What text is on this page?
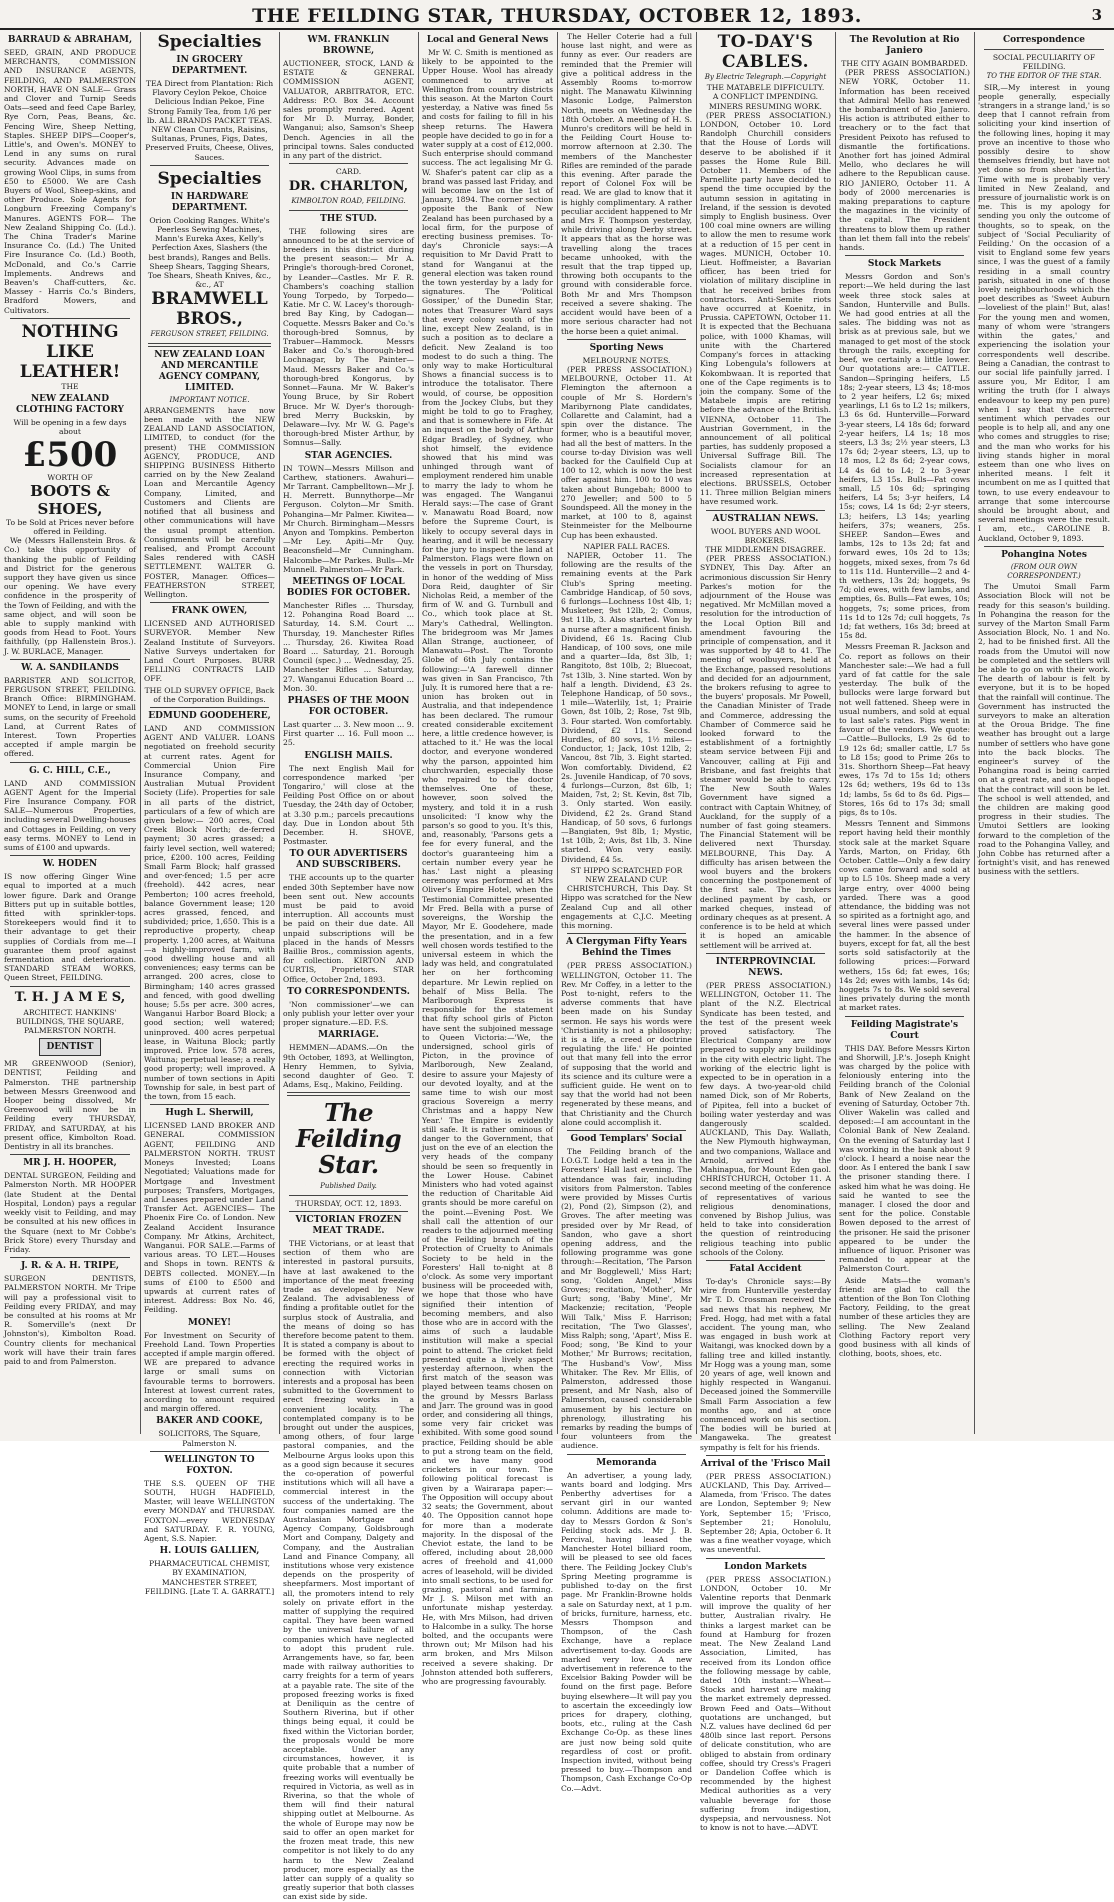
THE FEILDING STAR, THURSDAY, OCTOBER 12, 1893.	3
BARRAUD & ABRAHAM,

SEED, GRAIN, AND PRODUCE MERCHANTS, COMMISSION AND INSURANCE AGENTS, FEILDING, AND PALMERSTON NORTH, HAVE ON SALE— Grass and Clover and Turnip Seeds Oats—seed and feed Cape Barley, Rye Corn, Peas, Beans, &c. Fencing Wire, Sheep Netting, Staples. SHEEP DIPS—Cooper's, Little's, and Owen's. MONEY to Lend in any sums on rural security. Advances made on growing Wool Clips, in sums from £50 to £5000. We are Cash Buyers of Wool, Sheep-skins, and other Produce. Sole Agents for Longburn Freezing Company's Manures. AGENTS FOR— The New Zealand Shipping Co. (Ld.). The China Trader's Marine Insurance Co. (Ld.) The United Fire Insurance Co. (Ld.) Booth, McDonald, and Co.'s Carrie Implements. Andrews and Beaven's Chaff-cutters, &c. Massey - Harris Co.'s Binders, Bradford Mowers, and Cultivators.

NOTHING
LIKE
LEATHER!
THE
NEW ZEALAND CLOTHING FACTORY
Will be opening in a few days about
£500
WORTH OF
BOOTS & SHOES,
To be Sold at Prices never before offered in Feilding.

We (Messrs Hallenstein Bros. & Co.) take this opportunity of thanking the public of Feilding and District for the generous support they have given us since our opening. We have every confidence in the prosperity of the Town of Feilding, and with the same object, and will soon be able to supply mankind with goods from Head to Foot. Yours faithfully, (pp Hallenstein Bros.). J. W. BURLACE, Manager.

W. A. SANDILANDS

BARRISTER AND SOLICITOR, FERGUSON STREET, FEILDING. Branch Office: BIRMINGHAM. MONEY to Lend, in large or small sums, on the security of Freehold Land, at Current Rates of Interest. Town Properties accepted if ample margin be offered.

G. C. HILL, C.E.,

LAND AND COMMISSION AGENT Agent for the Imperial Fire Insurance Company. FOR SALE—Numerous Properties, including several Dwelling-houses and Cottages in Feilding, on very easy terms. MONEY to Lend in sums of £100 and upwards.

W. HODEN

IS now offering Ginger Wine equal to imported at a much lower figure. Dark and Orange Bitters put up in suitable bottles, fitted with sprinkler-tops. Storekeepers would find it to their advantage to get their supplies of Cordials from me—I guarantee them proof against fermentation and deterioration. STANDARD STEAM WORKS, Queen Street, FEILDING.

T. H. J A M E S,
ARCHITECT. HANKINS' BUILDINGS, THE SQUARE, PALMERSTON NORTH.
DENTIST

MR GREENWOOD (Senior), DENTIST, Feilding and Palmerston. THE partnership between Messrs Greenwood and Hooper being dissolved, Mr Greenwood will now be in Feilding every THURSDAY, FRIDAY, and SATURDAY, at his present office, Kimbolton Road. Dentistry in all its branches.

MR J. H. HOOPER,

DENTAL SURGEON, Feilding and Palmerston North. MR HOOPER (late Student at the Dental Hospital, London) pays a regular weekly visit to Feilding, and may be consulted at his new offices in the Square (next to Mr Cobbe's Brick Store) every Thursday and Friday.

J. R. & A. H. TRIPE,

SURGEON DENTISTS, PALMERSTON NORTH. Mr Tripe will pay a professional visit to Feilding every FRIDAY, and may be consulted at his rooms at Mr R. Somerville's (next Dr Johnston's), Kimbolton Road. Country clients for mechanical work will have their train fares paid to and from Palmerston.

Specialties
IN GROCERY DEPARTMENT.
TEA Direct from Plantation: Rich Flavory Ceylon Pekoe, Choice Delicious Indian Pekoe, Fine Strong Family Tea, from 1/6 per lb. ALL BRANDS PACKET TEAS. NEW Clean Currants, Raisins, Sultanas, Prunes, Figs, Dates, Preserved Fruits, Cheese, Olives, Sauces.
Specialties
IN HARDWARE DEPARTMENT.
Orion Cooking Ranges. White's Peerless Sewing Machines, Mann's Eureka Axes, Kelly's Perfection Axes, Slashers (the best brands), Ranges and Bells. Sheep Shears, Tagging Shears, Toe Shears, Sheath Knives, &c., &c., AT
BRAMWELL BROS.,
FERGUSON STREET, FEILDING.
NEW ZEALAND LOAN AND MERCANTILE AGENCY COMPANY, LIMITED.
IMPORTANT NOTICE.

ARRANGEMENTS have now been made with the NEW ZEALAND LAND ASSOCIATION, LIMITED, to conduct (for the present) THE COMMISSION AGENCY, PRODUCE, AND SHIPPING BUSINESS Hitherto carried on by the New Zealand Loan and Mercantile Agency Company, Limited, and Customers and Clients are notified that all business and other communications will have the usual prompt attention. Consignments will be carefully realised, and Prompt Account Sales rendered with CASH SETTLEMENT. WALTER G. FOSTER, Manager. Offices— FEATHERSTON STREET, Wellington.

FRANK OWEN,

LICENSED AND AUTHORISED SURVEYOR. Member New Zealand Institute of Surveyors. Native Surveys undertaken for Land Court Purposes. BURR FELLING CONTRACTS LAID OFF.

THE OLD SURVEY OFFICE, Back of the Corporation Buildings.
EDMUND GOODEHERE,

LAND AND COMMISSION AGENT AND VALUER. LOANS negotiated on freehold security at current rates. Agent for Commercial Union Fire Insurance Company, and Australian Mutual Provident Society (Life). Properties for sale in all parts of the district, particulars of a few of which are given below:— 200 acres, Coal Creek Block North; de-ferred payment; 30 acres grassed; a fairly level section, well watered; price, £200. 100 acres, Feilding Small Farm Block; half grassed and over-fenced; 1.5 per acre (freehold). 442 acres, near Pemberton; 100 acres freehold, balance Government lease; 120 acres grassed, fenced, and subdivided; price, 1,650. This is a reproductive property, cheap property. 1,200 acres, at Waituna—a highly-improved farm, with good dwelling house and all conveniences; easy terms can be arranged. 200 acres, close to Birmingham; 140 acres grassed and fenced, with good dwelling house; 5.5s per acre. 300 acres, Wanganui Harbor Board Block; a good section; well watered; uninproved. 400 acres perpetual lease, in Waituna Block; partly improved. Price low. 578 acres, Waituna; perpetual lease; a really good property; well improved. A number of town sections in Apiti Township for sale, in best part of the town, from 15 each.

Hugh L. Sherwill,

LICENSED LAND BROKER AND GENERAL COMMISSION AGENT, FEILDING AND PALMERSTON NORTH. TRUST Moneys Invested; Loans Negotiated; Valuations made for Mortgage and Investment purposes; Transfers, Mortgages, and Leases prepared under Land Transfer Act. AGENCIES— The Phoenix Fire Co. of London. New Zealand Accident Insurance Company. Mr Atkins, Architect, Wanganui. FOR SALE.—Farms of various areas. TO LET.—Houses and Shops in town. RENTS & DEBTS collected. MONEY.—In sums of £100 to £500 and upwards at current rates of interest. Address: Box No. 46, Feilding.

MONEY!

For Investment on Security of Freehold Land. Town Properties accepted if ample margin offered. WE are prepared to advance large or small sums on favourable terms to borrowers. Interest at lowest current rates, according to amount required and margin offered.

BAKER AND COOKE,
SOLICITORS, The Square, Palmerston N.
WELLINGTON TO FOXTON.

THE S.S. QUEEN OF THE SOUTH, HUGH HADFIELD, Master, will leave WELLINGTON every MONDAY and THURSDAY. FOXTON—every WEDNESDAY and SATURDAY. F. R. YOUNG, Agent, S.S. Napier.

H. LOUIS GALLIEN,
PHARMACEUTICAL CHEMIST, BY EXAMINATION, MANCHESTER STREET, FEILDING. [Late T. A. GARRATT.]
WM. FRANKLIN BROWNE,

AUCTIONEER, STOCK, LAND & ESTATE & GENERAL COMMISSION AGENT, VALUATOR, ARBITRATOR, ETC. Address: P.O. Box 34. Account sales promptly rendered. Agent for Mr D. Murray, Bonder, Wanganui; also, Samson's Sheep Dench. Agencies in all the principal towns. Sales conducted in any part of the district.

CARD.
DR. CHARLTON,
KIMBOLTON ROAD, FEILDING.
THE STUD.

THE following sires are announced to be at the service of breeders in this district during the present season:— Mr A. Pringle's thorough-bred Coronet, by Leander—Castles. Mr F. R. Chambers's coaching stallion Young Torpedo, by Torpedo—Katie. Mr C. W. Lacey's thorough-bred Bay King, by Cadogan—Coquette. Messrs Baker and Co.'s thorough-bred Somnus, by Trabuer—Hammock. Messrs Baker and Co.'s thorough-bred Lochnagar, by The Painter—Maud. Messrs Baker and Co.'s thorough-bred Kongorus, by Sonnet—Fauna. Mr W. Baker's Young Bruce, by Sir Robert Bruce. Mr W. Dyer's thorough-bred Merry Buckskin, by Delaware—Ivy. Mr W. G. Page's thorough-bred Mister Arthur, by Somnus—Sally.

STAR AGENCIES.

IN TOWN—Messrs Millson and Carthew, stationers. Awahuri—Mr Tarrant. Campbelltown—Mr J. H. Merrett. Bunnythorpe—Mr Ferguson. Colyton—Mr Smith. Pohangina—Mr Palmer. Kiwitea—Mr Church. Birmingham—Messrs Anyon and Tompkins. Pemberton—Mr Ley. Apiti—Mr Quy. Beaconsfield—Mr Cunningham. Halcombe—Mr Parkes. Bulls—Mr Munnell. Palmerston—Mr Park.

MEETINGS OF LOCAL BODIES FOR OCTOBER.

Manchester Rifles ... Thursday, 12. Pohangina Road Board ... Saturday, 14. S.M. Court ... Thursday, 19. Manchester Rifles ... Thursday, 26. Kiwitea Road Board ... Saturday, 21. Borough Council (spec.) ... Wednesday, 25. Manchester Rifles ... Saturday, 27. Wanganui Education Board ... Mon. 30.

PHASES OF THE MOON FOR OCTOBER.

Last quarter ... 3. New moon ... 9. First quarter ... 16. Full moon ... 25.

ENGLISH MAILS.

The next English Mail for correspondence marked 'per Tongariro,' will close at the Feilding Post Office on or about Tuesday, the 24th day of October, at 3.30 p.m.; parcels precautions day. Due in London about 5th December. H. SHOVE, Postmaster.

TO OUR ADVERTISERS AND SUBSCRIBERS.

THE accounts up to the quarter ended 30th September have now been sent out. New accounts must be paid to avoid interruption. All accounts must be paid on their due date. All unpaid subscriptions will be placed in the hands of Messrs Baillie Bros., commission agents, for collection. KIRTON AND CURTIS, Proprietors. STAR Office, October 2nd, 1893.

TO CORRESPONDENTS.

'Non commissioner'—we can only publish your letter over your proper signature.—ED. F.S.

MARRIAGE.

HEMMEN—ADAMS.—On the 9th October, 1893, at Wellington, Henry Hemmen, to Sylvia, second daughter of Geo. T. Adams, Esq., Makino, Feilding.

The Feilding Star.
Published Daily.
THURSDAY, OCT. 12, 1893.
VICTORIAN FROZEN MEAT TRADE.

THE Victorians, or at least that section of them who are interested in pastoral pursuits, have at last awakened to the importance of the meat freezing trade as developed by New Zealand. The advisableness of finding a profitable outlet for the surplus stock of Australia, and the means of doing so has therefore become patent to them. It is stated a company is about to be formed with the object of erecting the required works in connection with Victorian interests and a proposal has been submitted to the Government to erect freezing works in a convenient locality. The contemplated company is to be brought out under the auspices, among others, of four large pastoral companies, and the Melbourne Argus looks upon this as a good sign because it secures the co-operation of powerful institutions which will all have a commercial interest in the success of the undertaking. The four companies named are the Australasian Mortgage and Agency Company, Goldsbrough Mort and Company, Dalgety and Company, and the Australian Land and Finance Company, all institutions whose very existence depends on the prosperity of sheepfarmers. Most important of all, the promoters intend to rely solely on private effort in the matter of supplying the required capital. They have been warned by the universal failure of all companies which have neglected to adopt this prudent rule. Arrangements have, so far, been made with railway authorities to carry freights for a term of years at a payable rate. The site of the proposed freezing works is fixed at Deniliquin as the centre of Southern Riverina, but if other things being equal, it could be fixed within the Victorian border, the proposals would be more acceptable. Under any circumstances, however, it is quite probable that a number of freezing works will eventually be required in Victoria, as well as in Riverina, so that the whole of them will find their natural shipping outlet at Melbourne. As the whole of Europe may now be said to offer an open market for the frozen meat trade, this new competitor is not likely to do any harm to the New Zealand producer, more especially as the latter can supply of a quality so greatly superior that both classes can exist side by side.

Local and General News

Mr W. C. Smith is mentioned as likely to be appointed to the Upper House. Wool has already commenced to arrive at Wellington from country districts this season. At the Marton Court yesterday, a Native was fined 5s and costs for failing to fill in his sheep returns. The Hawera people have decided to go in for a water supply at a cost of £12,000. Such enterprise should command success. The act legalising Mr G. W. Shafer's patent car clip as a brand was passed last Friday, and will become law on the 1st of January, 1894. The corner section opposite the Bank of New Zealand has been purchased by a local firm, for the purpose of erecting business premises. To-day's Chronicle says:—A requisition to Mr David Pratt to stand for Wanganui at the general election was taken round the town yesterday by a lady for signatures. The 'Political Gossiper,' of the Dunedin Star, notes that Treasurer Ward says that every colony south of the line, except New Zealand, is in such a position as to declare a deficit. New Zealand is too modest to do such a thing. The only way to make Horticultural Shows a financial success is to introduce the totalisator. There would, of course, be opposition from the Jockey Clubs, but they might be told to go to Fraghey, and that is somewhere in Fife. At an inquest on the body of Arthur Edgar Bradley, of Sydney, who shot himself, the evidence showed that his mind was unhinged through want of employment rendered him unable to marry the lady to whom he was engaged. The Wanganui Herald says:—The case of Grant v. Manawatu Road Board, now before the Supreme Court, is likely to occupy several days in hearing, and it will be necessary for the jury to inspect the land at Palmerston. Flags were flown on the vessels in port on Thursday, in honor of the wedding of Miss Dora Reid, daughter of Sir Nicholas Reid, a member of the firm of W. and G. Turnbull and Co., which took place at St. Mary's Cathedral, Wellington. The bridegroom was Mr James Allan Strange, auctioneer, of Manawatu—Post. The Toronto Globe of 6th July contains the following:—'A farewell dinner was given in San Francisco, 7th July. It is rumored here that a re-union has broken out in Australia, and that independence has been declared. The rumour created considerable excitement here, a little credence however, is attached to it.' He was the local doctor, and everyone wondered why the parson, appointed him churchwarden, especially those who repaired to the doctor themselves. One of these, however, soon solved the mystery, and told it in a rush unsolicited: 'I know why the parson's so good to you. It's this, and, reasonably, 'Parsons gets a fee for every funeral, and the doctor's guaranteeing him a certain number every year he has.' Last night a pleasing ceremony was performed at Mrs Oliver's Empire Hotel, when the Testimonial Committee presented Mr Fred. Bella with a purse of sovereigns, the Worship the Mayor, Mr E. Goodehere, made the presentation, and in a few well chosen words testified to the universal esteem in which the lady was held, and congratulated her on her forthcoming departure. Mr Lewin replied on behalf of Miss Bella. The Marlborough Express is responsible for the statement that fifty school girls of Picton have sent the subjoined message to Queen Victoria:—'We, the undersigned, school girls of Picton, in the province of Marlborough, New Zealand, desire to assure your Majesty of our devoted loyalty, and at the same time to wish our most gracious Sovereign a merry Christmas and a happy New Year.' The Empire is evidently still safe. It is rather ominous of danger to the Government, that just on the eve of an election the very heads of the company should be seen so frequently in the Lower House. Cabinet Ministers who had voted against the reduction of Charitable Aid grants should be more careful on the point.—Evening Post. We shall call the attention of our readers to the adjourned meeting of the Feilding branch of the Protection of Cruelty to Animals Society to be held in the Foresters' Hall to-night at 8 o'clock. As some very important business will be proceeded with, we hope that those who have signified their intention of becoming members, and also those who are in accord with the aims of such a laudable institution will make a special point to attend. The cricket field presented quite a lively aspect yesterday afternoon, when the first match of the season was played between teams chosen on the ground by Messrs Barlass and Jarr. The ground was in good order, and considering all things, some very fair cricket was exhibited. With some good sound practice, Feilding should be able to put a strong team on the field, and we have many good cricketers in our town. The following political forecast is given by a Wairarapa paper:—The Opposition will occupy about 32 seats; the Government, about 40. The Opposition cannot hope for more than a moderate majority. In the disposal of the Cheviot estate, the land to be offered, including about 28,000 acres of freehold and 41,000 acres of leasehold, will be divided into small sections, to be used for grazing, pastoral and farming. Mr J. S. Milson met with an unfortunate mishap yesterday. He, with Mrs Milson, had driven to Halcombe in a sulky. The horse bolted, and the occupants were thrown out; Mr Milson had his arm broken, and Mrs Milson received a severe shaking. Dr Johnston attended both sufferers, who are progressing favourably.

The Heller Coterie had a full house last night, and were as funny as ever. Our readers are reminded that the Premier will give a political address in the Assembly Rooms to-morrow night. The Manawatu Kilwinning Masonic Lodge, Palmerston North, meets on Wednesday the 18th October. A meeting of H. S. Munro's creditors will be held in the Feilding Court House to-morrow afternoon at 2.30. The members of the Manchester Rifles are reminded of the parade this evening. After parade the report of Colonel Fox will be read. We are glad to know that it is highly complimentary. A rather peculiar accident happened to Mr and Mrs F. Thompson yesterday, while driving along Derby street. It appears that as the horse was travelling along the traces became unhooked, with the result that the trap tipped up, throwing both occupants to the ground with considerable force. Both Mr and Mrs Thompson received a severe shaking. The accident would have been of a more serious character had not the horse been a quiet animal.

Sporting News
MELBOURNE NOTES.

(PER PRESS ASSOCIATION.) MELBOURNE, October 11. At Flemington the afternoon a couple of Mr S. Hordern's Maribyrnong Plate candidates, Collarette and Calamint, had a spin over the distance. The former, who is a beautiful mover, had all the best of matters. In the course to-day Division was well backed for the Caulfield Cup at 100 to 12, which is now the best offer against him. 100 to 10 was taken about Bungebah; 8000 to 270 Jeweller; and 500 to 5 Soundspeed. All the money in the market, at 100 to 8, against Steinmeister for the Melbourne Cup has been exhausted.

NAPIER FALL RACES.

NAPIER, October 11. The following are the results of the remaining events at the Park Club's Spring meeting. Cambridge Handicap, of 50 sovs, 6 furlongs—Lochness 10st 4lb, 1; Musketeer, 9st 12lb, 2; Comus, 9st 11lb, 3. Also started. Won by a nurse after a magnificent finish. Dividend, £6 1s. Racing Club Handicap, of 100 sovs, one mile and a quarter—Ida, 8st 3lb, 1; Rangitoto, 8st 10lb, 2; Bluecoat, 7st 13lb, 3. Nine started. Won by half a length. Dividend, £3 2s. Telephone Handicap, of 50 sovs., 1 mile—Waterlily, 1st, 1; Prairie Gown, 8st 10lb, 2; Rose, 7st 9lb, 3. Four started. Won comfortably. Dividend, £2 11s. Second Hurdles, of 80 sovs, 1½ miles—Conductor, 1; Jack, 10st 12lb, 2; Vancou, 8st 7lb, 3. Eight started. Won comfortably. Dividend, £2 2s. Juvenile Handicap, of 70 sovs, 4 furlongs—Curzon, 8st 6lb, 1; Maiden, 7st, 2; St. Kevin, 8st 7lb, 3. Only started. Won easily. Dividend, £2 2s. Grand Stand Handicap, of 50 sovs, 6 furlongs—Bangiaten, 9st 8lb, 1; Mystic, 1st 10lb, 2; Avis, 8st 1lb, 3. Nine started. Won very easily. Dividend, £4 5s.

ST HIPPO SCRATCHED FOR NEW ZEALAND CUP.

CHRISTCHURCH, This Day. St Hippo was scratched for the New Zealand Cup and all other engagements at C.J.C. Meeting this morning.

A Clergyman Fifty Years Behind the Times

(PER PRESS ASSOCIATION.) WELLINGTON, October 11. The Rev. Mr Coffey, in a letter to the Post to-night, refers to the adverse comments that have been made on his Sunday sermon. He says his words were 'Christianity is not a philosophy; it is a life, a creed or doctrine regulating the life.' He pointed out that many fell into the error of supposing that the world and its science and its culture were a sufficient guide. He went on to say that the world had not been regenerated by these means, and that Christianity and the Church alone could accomplish it.

Good Templars' Social

The Feilding branch of the I.O.G.T. Lodge held a tea in the Foresters' Hall last evening. The attendance was fair, including visitors from Palmerston. Tables were provided by Misses Curtis (2), Pond (2), Simpson (2), and Groves. The after meeting was presided over by Mr Read, of Sandon, who gave a short opening address, and the following programme was gone through:—Recitation, 'The Parson and Mr Bogglewell,' Miss Hart; song, 'Golden Angel,' Miss Groves; recitation, 'Mother', Mr Gurt; song, 'Baby Mine', Mr Mackenzie; recitation, 'People Will Talk,' Miss F. Harrison; recitation, 'The Two Glasses', Miss Ralph; song, 'Apart', Miss E. Food; song, 'Be Kind to your Mother,' Mr Burrows; recitation, 'The Husband's Vow', Miss Whitaker. The Rev. Mr Ellis, of Palmerston, addressed those present, and Mr Nash, also of Palmerston, caused considerable amusement by his lecture on phrenology, illustrating his remarks by reading the bumps of four volunteers from the audience.

Memoranda

An advertiser, a young lady, wants board and lodging. Mrs Penberthy advertises for a servant girl in our wanted column. Additions are made to-day to Messrs Gordon & Son's Feilding stock ads. Mr J. B. Percival, having leased the Manchester Hotel billiard room, will be pleased to see old faces there. The Feilding Jockey Club's Spring Meeting programme is published to-day on the first page. Mr Franklin-Browne holds a sale on Saturday next, at 1 p.m. of bricks, furniture, harness, etc. Messrs Thompson and Thompson, of the Cash Exchange, have a replace advertisement to-day. Goods are marked very low. A new advertisement in reference to the Excelsior Baking Powder will be found on the first page. Before buying elsewhere—It will pay you to ascertain the exceedingly low prices for drapery, clothing, boots, etc., ruling at the Cash Exchange Co-Op. as these lines are just now being sold quite regardless of cost or profit. Inspection invited, without being pressed to buy.—Thompson and Thompson, Cash Exchange Co-Op Co.—Advt.

TO-DAY'S CABLES.
By Electric Telegraph.—Copyright
THE MATABELE DIFFICULTY.
A CONFLICT IMPENDING.
MINERS RESUMING WORK.

(PER PRESS ASSOCIATION.) LONDON, October 10. Lord Randolph Churchill considers that the House of Lords will deserve to be abolished if it passes the Home Rule Bill. October 11. Members of the Parnellite party have decided to spend the time occupied by the autumn session in agitating in Ireland, if the session is devoted simply to English business. Over 100 coal mine owners are willing to allow the men to resume work at a reduction of 15 per cent in wages. MUNICH, October 10. Lieut. Hoffmeister, a Bavarian officer, has been tried for violation of military discipline in that he received bribes from contractors. Anti-Semite riots have occurred at Koenitz, in Prussia. CAPETOWN, October 11. It is expected that the Bechuana police, with 1000 Khamas, will unite with the Chartered Company's forces in attacking King Lobengula's followers at Kokombwaan. It is reported that one of the Cape regiments is to join the company. Some of the Matabele impis are retiring before the advance of the British. VIENNA, October 11. The Austrian Government, in the announcement of all political parties, has suddenly proposed a Universal Suffrage Bill. The Socialists clamour for an increased representation at elections. BRUSSELS, October 11. Three million Belgian miners have resumed work.

AUSTRALIAN NEWS.
WOOL BUYERS AND WOOL BROKERS.
THE MIDDLEMEN DISAGREE.

(PER PRESS ASSOCIATION.) SYDNEY, This Day. After an acrimonious discussion Sir Henry Parkes's motion for the adjournment of the House was negatived. Mr McMillan moved a resolution for the introduction of the Local Option Bill and amendment favouring the principle of compensation, and it was supported by 48 to 41. The meeting of woolbuyers, held at the Exchange, passed resolutions and decided for an adjournment, the brokers refusing to agree to the buyers' proposals. Mr Powell, the Canadian Minister of Trade and Commerce, addressing the Chamber of Commerce said he looked forward to the establishment of a fortnightly steam service between Fiji and Vancouver, calling at Fiji and Brisbane, and fast freights that steamer would be able to carry. The New South Wales Government have signed a contract with Captain Whitney, of Auckland, for the supply of a number of fast going steamers. The Financial Statement will be delivered next Thursday. MELBOURNE, This Day. A difficulty has arisen between the wool buyers and the brokers concerning the postponement of the first sale. The brokers declined payment by cash, or marked cheques, instead of ordinary cheques as at present. A conference is to be held at which it is hoped an amicable settlement will be arrived at.

INTERPROVINCIAL NEWS.

(PER PRESS ASSOCIATION.) WELLINGTON, October 11. The plant of the N.Z. Electrical Syndicate has been tested, and the test of the present week proved satisfactory. The Electrical Company are now prepared to supply any buildings in the city with electric light. The working of the electric light is expected to be in operation in a few days. A two-year-old child named Dick, son of Mr Roberts, of Pipitea, fell into a bucket of boiling water yesterday and was dangerously scalded. AUCKLAND, This Day. Wallath, the New Plymouth highwayman, and two companions, Wallace and Arnold, arrived by the Mahinapua, for Mount Eden gaol. CHRISTCHURCH, October 11. A second meeting of the conference of representatives of various religious denominations, convened by Bishop Julius, was held to take into consideration the question of reintroducing religious teaching into public schools of the Colony.

Fatal Accident

To-day's Chronicle says:—By wire from Hunterville yesterday Mr T. D. Crossman received the sad news that his nephew, Mr Fred. Hogg, had met with a fatal accident. The young man, who was engaged in bush work at Waitangi, was knocked down by a falling tree and killed instantly. Mr Hogg was a young man, some 20 years of age, well known and highly respected in Wanganui. Deceased joined the Sommerville Small Farm Association a few months ago, and at once commenced work on his section. The bodies will be buried at Mangaweka. The greatest sympathy is felt for his friends.

Arrival of the 'Frisco Mail

(PER PRESS ASSOCIATION.) AUCKLAND, This Day. Arrived—Alameda, from 'Frisco. The dates are London, September 9; New York, September 15; 'Frisco, September 21; Honolulu, September 28; Apia, October 6. It was a fine weather voyage, which was uneventful.

London Markets

(PER PRESS ASSOCIATION.) LONDON, October 10. Mr Valentine reports that Denmark will improve the quality of her butter, Australian rivalry. He thinks a largest market can be found at Hamburg for frozen meat. The New Zealand Land Association, Limited, has received from its London office the following message by cable, dated 10th instant:—Wheat—Stocks and harvest are making the market extremely depressed. Brown Feed and Oats—Without quotations are unchanged, but N.Z. values have declined 6d per 480lb since last report. Persons of delicate constitution, who are obliged to abstain from ordinary coffee, should try Cress's Frageri or Dandelion Coffee which is recommended by the highest Medical authorities as a very valuable beverage for those suffering from indigestion, dyspepsia, and nervousness. Not to know is not to have.—ADVT.

The Revolution at Rio Janiero
THE CITY AGAIN BOMBARDED.

(PER PRESS ASSOCIATION.) NEW YORK, October 11. Information has been received that Admiral Mello has renewed the bombardment of Rio Janiero. His action is attributed either to treachery or to the fact that President Peixoto has refused to dismantle the fortifications. Another fort has joined Admiral Mello, who declares he will adhere to the Republican cause. RIO JANIERO, October 11. A body of 2000 mercenaries is making preparations to capture the magazines in the vicinity of the capital. The President threatens to blow them up rather than let them fall into the rebels' hands.

Stock Markets

Messrs Gordon and Son's report:—We held during the last week three stock sales at Sandon, Hunterville and Bulls. We had good entries at all the sales. The bidding was not as brisk as at previous sale, but we managed to get most of the stock through the rails, excepting for beef, we certainly a little lower. Our quotations are:— CATTLE. Sandon—Springing heifers, L5 18s; 2-year steers, L3 4s; 18-mos to 2 year heifers, L2 6s; mixed yearlings, L1 6s to L2 1s; milkers, L3 6s 6d. Hunterville—Forward 3-year steers, L4 18s 6d; forward 2-year heifers, L4 1s; 18 mos steers, L3 3s; 2½ year steers, L3 17s 6d; 2-year steers, L3, up to 18 mos, L2 8s 6d; 2-year cows, L4 4s 6d to L4; 2 to 3-year heifers, L3 15s. Bulls—Fat cows small, L5 10s 6d; springing heifers, L4 5s; 3-yr heifers, L4 15s; cows, L4 1s 6d; 2-yr steers, L3; heifers, L3 14s; yearling heifers, 37s; weaners, 25s. SHEEP. Sandon—Ewes and lambs, 12s to 13s 2d; fat and forward ewes, 10s 2d to 13s; hoggets, mixed sexes, from 7s 6d to 11s 11d. Hunterville—2 and 4-th wethers, 13s 2d; hoggets, 9s 7d; old ewes, with few lambs, and empties, 6s. Bulls—Fat ewes, 10s; hoggets, 7s; some prices, from 11s 1d to 12s 7d; cull hoggets, 7s 1d; fat wethers, 16s 3d; breed at 15s 8d.

Messrs Freeman R. Jackson and Co. report as follows on their Manchester sale:—We had a full yard of fat cattle for the sale yesterday. The bulk of the bullocks were large forward but not well fattened. Sheep were in usual numbers, and sold at equal to last sale's rates. Pigs went in favour of the vendors. We quote:—Cattle—Bullocks, L9 2s 6d to L9 12s 6d; smaller cattle, L7 5s to L8 15s; good to Prime 26s to 31s. Shorthorn Sheep—Fat heavy ewes, 17s 7d to 15s 1d; others 12s 6d; wethers, 19s 6d to 13s 1d; lambs, 5s 6d to 8s 6d. Pigs—Stores, 16s 6d to 17s 3d; small pigs, 8s to 10s.

Messrs Tennent and Simmons report having held their monthly stock sale at the market Square Yards, Marton, on Friday, 6th October. Cattle—Only a few dairy cows came forward and sold at up to L5 10s. Sheep made a very large entry, over 4000 being yarded. There was a good attendance, the bidding was not so spirited as a fortnight ago, and several lines were passed under the hammer. In the absence of buyers, except for fat, all the best sorts sold satisfactorily at the following prices:—Forward wethers, 15s 6d; fat ewes, 16s; 14s 2d; ewes with lambs, 14s 6d; hoggets 7s to 8s. We sold several lines privately during the month at market rates.

Feilding Magistrate's Court

THIS DAY. Before Messrs Kirton and Shorwill, J.P.'s. Joseph Knight was charged by the police with feloniously entering into the Feilding branch of the Colonial Bank of New Zealand on the evening of Saturday, October 7th. Oliver Wakelin was called and deposed:—I am accountant in the Colonial Bank of New Zealand. On the evening of Saturday last I was working in the bank about 9 o'clock. I heard a noise near the door. As I entered the bank I saw the prisoner standing there. I asked him what he was doing. He said he wanted to see the manager. I closed the door and sent for the police. Constable Bowen deposed to the arrest of the prisoner. He said the prisoner appeared to be under the influence of liquor. Prisoner was remanded to appear at the Palmerston Court.

Aside Mats—the woman's friend: are glad to call the attention of the Bon Ton Clothing Factory, Feilding, to the great number of these articles they are selling. The New Zealand Clothing Factory report very good business with all kinds of clothing, boots, shoes, etc.

Correspondence
SOCIAL PECULIARITY OF FEILDING.
TO THE EDITOR OF THE STAR.

SIR,—My interest in young people generally, especially 'strangers in a strange land,' is so deep that I cannot refrain from soliciting your kind insertion of the following lines, hoping it may prove an incentive to those who possibly desire to show themselves friendly, but have not yet done so from sheer 'inertia.' Time with me is probably very limited in New Zealand, and pressure of journalistic work is on me. This is my apology for sending you only the outcome of thoughts, so to speak, on the subject of 'Social Peculiarity of Feilding.' On the occasion of a visit to England some few years since, I was the guest of a family residing in a small country parish, situated in one of those lovely neighbourhoods which the poet describes as 'Sweet Auburn—loveliest of the plain!' But, alas! For the young men and women, many of whom were 'strangers within the gates,' and experiencing the isolation your correspondents well describe. Being a Canadian, the contrast to our social life painfully jarred. I assure you, Mr Editor, I am writing the truth (for I always endeavour to keep my pen pure) when I say that the correct sentiment which pervades our people is to help all, and any one who comes and struggles to rise; and the man who works for his living stands higher in moral esteem than one who lives on inherited means. I felt it incumbent on me as I quitted that town, to use every endeavour to arrange that some intercourse should be brought about, and several meetings were the result. I am, etc., CAROLINE B. Auckland, October 9, 1893.

Pohangina Notes
(FROM OUR OWN CORRESPONDENT.)

The Umutoi Small Farm Association Block will not be ready for this season's building. In Pohangina the reason for the survey of the Marton Small Farm Association Block, No. 1 and No. 2, had to be finished first. All the roads from the Umutoi will now be completed and the settlers will be able to go on with their work. The dearth of labour is felt by everyone, but it is to be hoped that the rainfall will continue. The Government has instructed the surveyors to make an alteration at the Oroua Bridge. The fine weather has brought out a large number of settlers who have gone into the back blocks. The engineer's survey of the Pohangina road is being carried on at a great rate, and it is hoped that the contract will soon be let. The school is well attended, and the children are making good progress in their studies. The Umutoi Settlers are looking forward to the completion of the road to the Pohangina Valley, and John Cobbe has returned after a fortnight's visit, and has renewed business with the settlers.
